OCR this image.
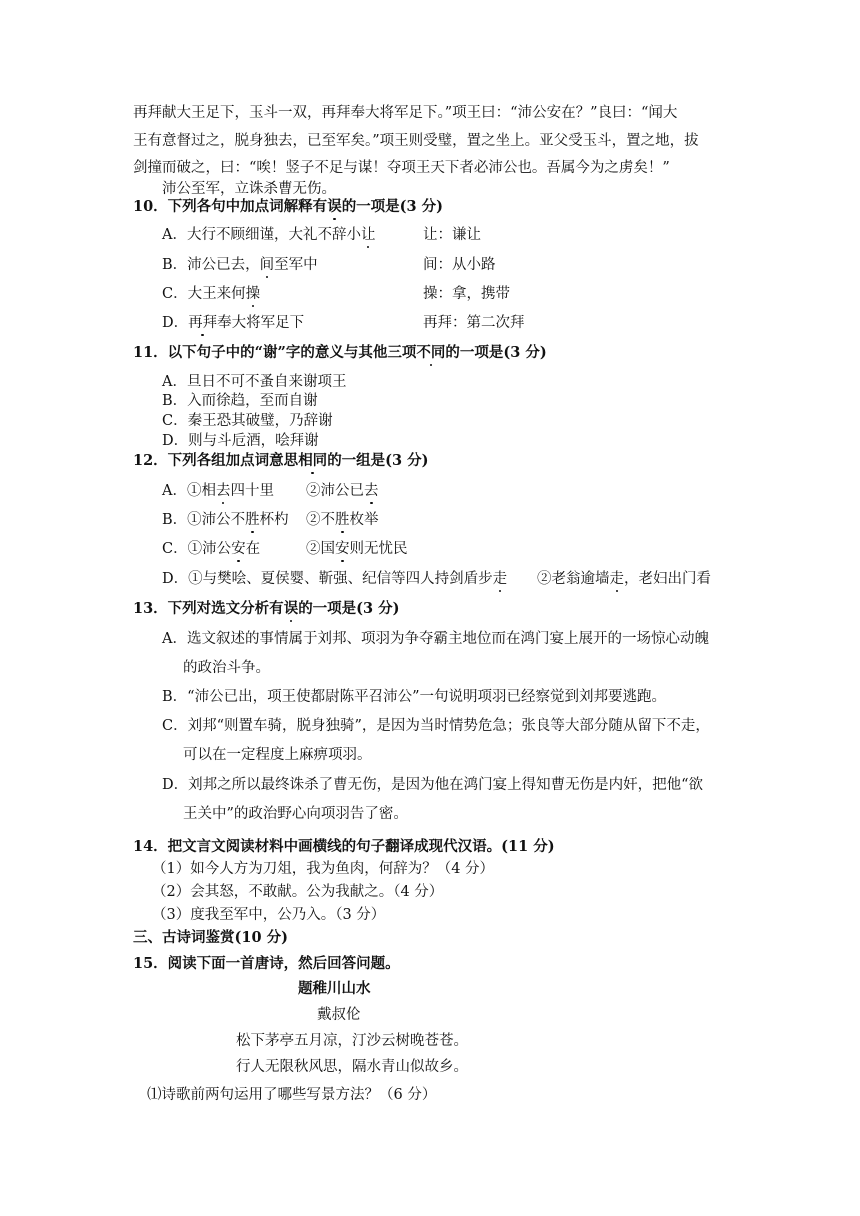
再拜献大王足下，玉斗一双，再拜奉大将军足下。”项王曰：“沛公安在？”良曰：“闻大
王有意督过之，脱身独去，已至军矣。”项王则受璧，置之坐上。亚父受玉斗，置之地，拔
剑撞而破之，曰：“唉！竖子不足与谋！夺项王天下者必沛公也。吾属今为之虏矣！”
沛公至军，立诛杀曹无伤。
10．下列各句中加点词解释有误的一项是(3 分)
A．大行不顾细谨，大礼不辞小让	让：谦让
B．沛公已去，间至军中	间：从小路
C．大王来何操	操：拿，携带
D．再拜奉大将军足下	再拜：第二次拜
11．以下句子中的“谢”字的意义与其他三项不同的一项是(3 分)
A．旦日不可不蚤自来谢项王
B．入而徐趋，至而自谢
C．秦王恐其破璧，乃辞谢
D．则与斗卮酒，哙拜谢
12．下列各组加点词意思相同的一组是(3 分)
A．①相去四十里 ②沛公已去
B．①沛公不胜杯杓 ②不胜枚举
C．①沛公安在	②国安则无忧民
D．①与樊哙、夏侯婴、靳强、纪信等四人持剑盾步走 ②老翁逾墙走，老妇出门看
13．下列对选文分析有误的一项是(3 分)
A．选文叙述的事情属于刘邦、项羽为争夺霸主地位而在鸿门宴上展开的一场惊心动魄
的政治斗争。
B．“沛公已出，项王使都尉陈平召沛公”一句说明项羽已经察觉到刘邦要逃跑。
C．刘邦“则置车骑，脱身独骑”，是因为当时情势危急；张良等大部分随从留下不走，
可以在一定程度上麻痹项羽。
D．刘邦之所以最终诛杀了曹无伤，是因为他在鸿门宴上得知曹无伤是内奸，把他“欲
王关中”的政治野心向项羽告了密。
14．把文言文阅读材料中画横线的句子翻译成现代汉语。(11 分)
（1）如今人方为刀俎，我为鱼肉，何辞为？（4 分）
（2）会其怒，不敢献。公为我献之。（4 分）
（3）度我至军中，公乃入。（3 分）
三、古诗词鉴赏(10 分)
15．阅读下面一首唐诗，然后回答问题。
题稚川山水
戴叔伦
松下茅亭五月凉，汀沙云树晚苍苍。
行人无限秋风思，隔水青山似故乡。
⑴诗歌前两句运用了哪些写景方法？（6 分）
